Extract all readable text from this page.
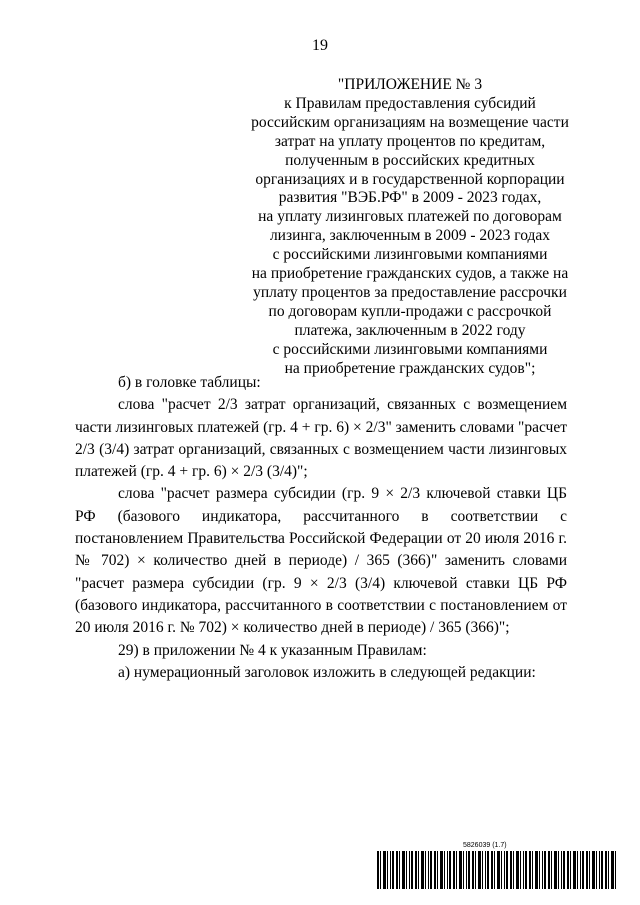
19
"ПРИЛОЖЕНИЕ № 3
к Правилам предоставления субсидий
российским организациям на возмещение части
затрат на уплату процентов по кредитам,
полученным в российских кредитных
организациях и в государственной корпорации
развития "ВЭБ.РФ" в 2009 - 2023 годах,
на уплату лизинговых платежей по договорам
лизинга, заключенным в 2009 - 2023 годах
с российскими лизинговыми компаниями
на приобретение гражданских судов, а также на
уплату процентов за предоставление рассрочки
по договорам купли-продажи с рассрочкой
платежа, заключенным в 2022 году
с российскими лизинговыми компаниями
на приобретение гражданских судов";

б) в головке таблицы:

слова "расчет 2/3 затрат организаций, связанных с возмещением части лизинговых платежей (гр. 4 + гр. 6) × 2/3" заменить словами "расчет 2/3 (3/4) затрат организаций, связанных с возмещением части лизинговых платежей (гр. 4 + гр. 6) × 2/3 (3/4)";

слова "расчет размера субсидии (гр. 9 × 2/3 ключевой ставки ЦБ РФ (базового индикатора, рассчитанного в соответствии с постановлением Правительства Российской Федерации от 20 июля 2016 г. № 702) × количество дней в периоде) / 365 (366)" заменить словами "расчет размера субсидии (гр. 9 × 2/3 (3/4) ключевой ставки ЦБ РФ (базового индикатора, рассчитанного в соответствии с постановлением от 20 июля 2016 г. № 702) × количество дней в периоде) / 365 (366)";

29) в приложении № 4 к указанным Правилам:

а) нумерационный заголовок изложить в следующей редакции:

5826039 (1.7)
